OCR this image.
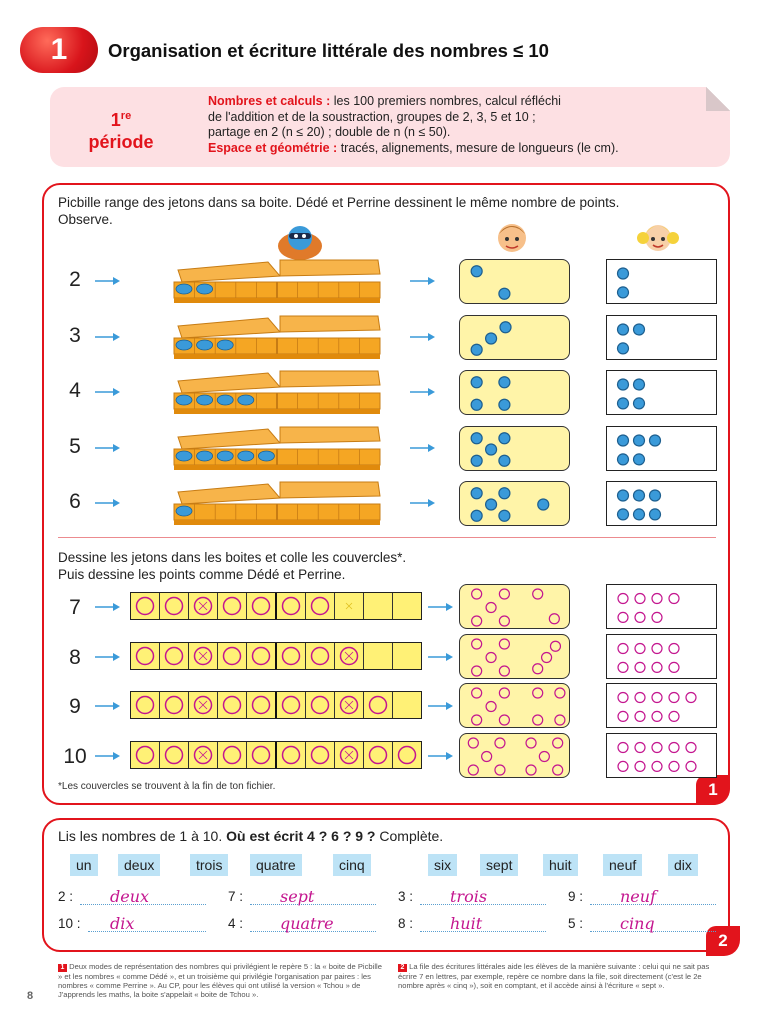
1	Organisation et écriture littérale des nombres ≤ 10
1re
période
Nombres et calculs : les 100 premiers nombres, calcul réfléchi
de l'addition et de la soustraction, groupes de 2, 3, 5 et 10 ;
partage en 2 (n ≤ 20) ; double de n (n ≤ 50).
Espace et géométrie : tracés, alignements, mesure de longueurs (le cm).
1
Picbille range des jetons dans sa boite. Dédé et Perrine dessinent le même nombre de points.
Observe.
Dessine les jetons dans les boites et colle les couvercles*.
Puis dessine les points comme Dédé et Perrine.
*Les couvercles se trouvent à la fin de ton fichier.
2
Lis les nombres de 1 à 10. Où est écrit 4 ? 6 ? 9 ? Complète.
1 Deux modes de représentation des nombres qui privilégient le repère 5 : la « boite de Picbille » et les nombres « comme Dédé », et un troisième qui privilégie l'organisation par paires : les nombres « comme Perrine ». Au CP, pour les élèves qui ont utilisé la version « Tchou » de J'apprends les maths, la boite s'appelait « boite de Tchou ».
2 La file des écritures littérales aide les élèves de la manière suivante : celui qui ne sait pas écrire 7 en lettres, par exemple, repère ce nombre dans la file, soit directement (c'est le 2e nombre après « cinq »), soit en comptant, et il accède ainsi à l'écriture « sept ».
8
2
3
4
5
6
7
8
9
10
un	deux	trois	quatre	cinq	six	sept	huit	neuf	dix
2 : deux	7 : sept	3 : trois	9 : neuf
10 : dix	4 : quatre	8 : huit	5 : cinq
